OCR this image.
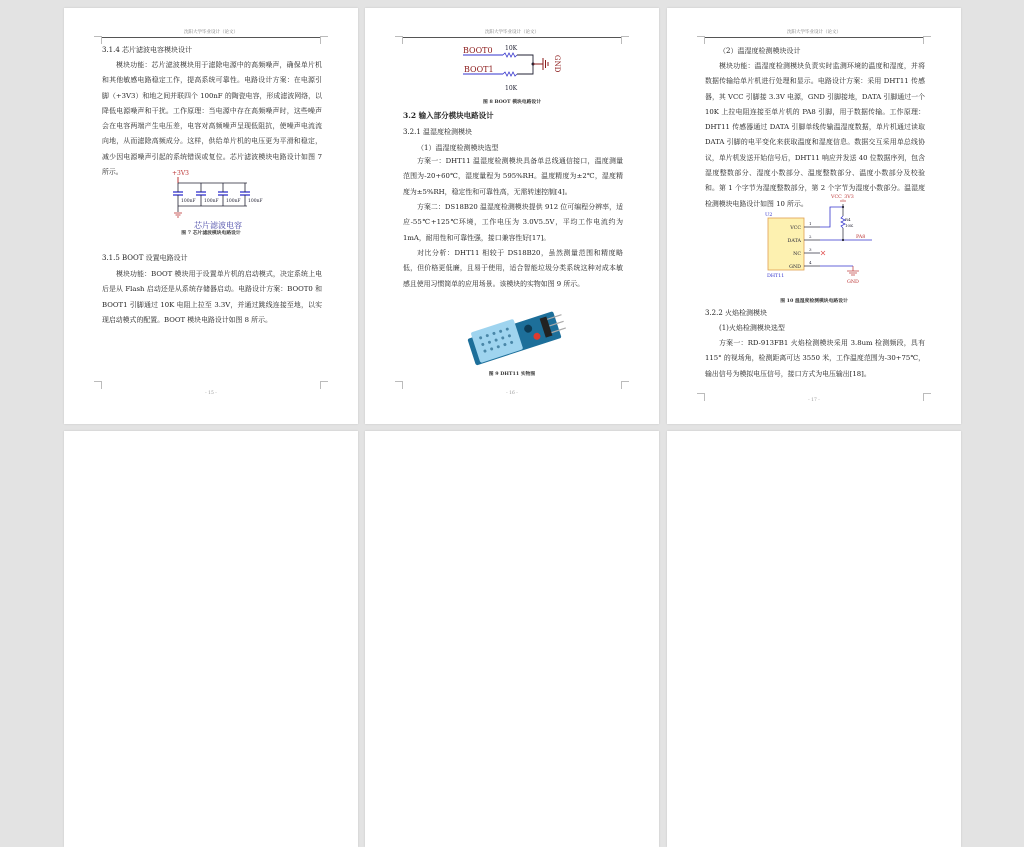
沈阳大学毕业设计（论文）
3.1.4 芯片滤波电容模块设计
模块功能：芯片滤波模块用于滤除电源中的高频噪声，确保单片机和其他敏感电路稳定工作，提高系统可靠性。电路设计方案：在电源引脚（+3V3）和地之间并联四个 100nF 的陶瓷电容，形成滤波网络，以降低电源噪声和干扰。工作原理：当电源中存在高频噪声时，这些噪声会在电容两端产生电压差，电容对高频噪声呈现低阻抗，使噪声电流流向地，从而滤除高频成分。这样，供给单片机的电压更为平滑和稳定，减少因电源噪声引起的系统错误或复位。芯片滤波模块电路设计如图 7 所示。	+3V3
100nF 100nF 100nF 100nF
芯片滤波电容
图 7 芯片滤波模块电路设计
3.1.5 BOOT 设置电路设计
模块功能：BOOT 模块用于设置单片机的启动模式，决定系统上电后是从 Flash 启动还是从系统存储器启动。电路设计方案：BOOT0 和 BOOT1 引脚通过 10K 电阻上拉至 3.3V，并通过跳线连接至地，以实现启动模式的配置。BOOT 模块电路设计如图 8 所示。
- 15 -
沈阳大学毕业设计（论文）
BOOT0
BOOT1
10K
10K
GND
图 8 BOOT 模块电路设计
3.2 输入部分模块电路设计
3.2.1 温湿度检测模块
（1）温湿度检测模块选型
方案一：DHT11 温湿度检测模块具备单总线通信接口，温度测量范围为-20+60℃，湿度量程为 595%RH。温度精度为±2℃，湿度精度为±5%RH，稳定性和可靠性高，无需转速控制[4]。
方案二：DS18B20 温湿度检测模块提供 912 位可编程分辨率，适应-55℃+125℃环境，工作电压为 3.0V5.5V，平均工作电流约为 1mA，耐用性和可靠性强，接口兼容性好[17]。
对比分析：DHT11 相较于 DS18B20，虽然测量范围和精度略低，但价格更低廉，且易于使用，适合智能垃圾分类系统这种对成本敏感且使用习惯简单的应用场景。该模块的实物如图 9 所示。
图 9 DHT11 实物图
- 16 -
沈阳大学毕业设计（论文）
（2）温湿度检测模块设计
模块功能：温湿度检测模块负责实时监测环境的温度和湿度，并将数据传输给单片机进行处理和显示。电路设计方案：采用 DHT11 传感器，其 VCC 引脚接 3.3V 电源，GND 引脚接地，DATA 引脚通过一个 10K 上拉电阻连接至单片机的 PA8 引脚，用于数据传输。工作原理：DHT11 传感器通过 DATA 引脚单线传输温湿度数据，单片机通过读取 DATA 引脚的电平变化来获取温度和湿度信息。数据交互采用单总线协议，单片机发送开始信号后，DHT11 响应并发送 40 位数据序列，包含湿度整数部分、湿度小数部分、温度整数部分、温度小数部分及校验和。第 1 个字节为湿度整数部分，第 2 个字节为湿度小数部分。温湿度检测模块电路设计如图 10 所示。
U2
VCC
DATA
NC
GND
1
2
3
4
VCC_3V3
R4
10K
PA8
GND
DHT11
图 10 温湿度检测模块电路设计
3.2.2 火焰检测模块
(1)火焰检测模块选型
方案一：RD-913FB1 火焰检测模块采用 3.8um 检测频段，具有 115° 的视场角，检测距离可达 3550 米，工作温度范围为-30+75℃，输出信号为模拟电压信号，接口方式为电压输出[18]。
- 17 -
